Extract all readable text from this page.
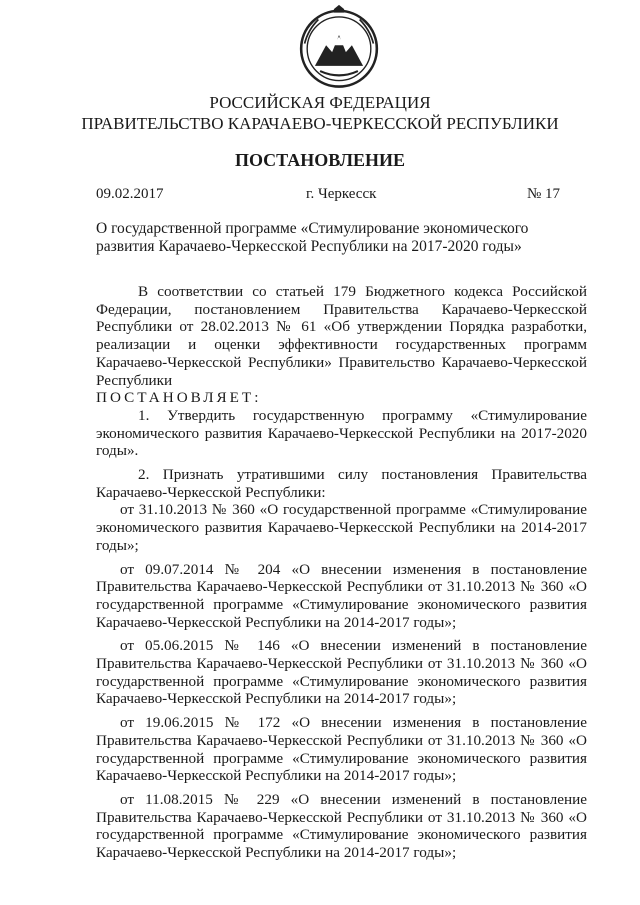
РОССИЙСКАЯ ФЕДЕРАЦИЯ
ПРАВИТЕЛЬСТВО КАРАЧАЕВО-ЧЕРКЕССКОЙ РЕСПУБЛИКИ
ПОСТАНОВЛЕНИЕ
09.02.2017	г. Черкесск	№ 17
О государственной программе «Стимулирование экономического развития Карачаево-Черкесской Республики на 2017-2020 годы»

В соответствии со статьей 179 Бюджетного кодекса Российской Федерации, постановлением Правительства Карачаево-Черкесской Республики от 28.02.2013 № 61 «Об утверждении Порядка разработки, реализации и оценки эффективности государственных программ Карачаево-Черкесской Республики» Правительство Карачаево-Черкесской Республики

ПОСТАНОВЛЯЕТ:

1. Утвердить государственную программу «Стимулирование экономического развития Карачаево-Черкесской Республики на 2017-2020 годы».

2. Признать утратившими силу постановления Правительства Карачаево-Черкесской Республики:

от 31.10.2013 № 360 «О государственной программе «Стимулирование экономического развития Карачаево-Черкесской Республики на 2014-2017 годы»;

от 09.07.2014 № 204 «О внесении изменения в постановление Правительства Карачаево-Черкесской Республики от 31.10.2013 № 360 «О государственной программе «Стимулирование экономического развития Карачаево-Черкесской Республики на 2014-2017 годы»;

от 05.06.2015 № 146 «О внесении изменений в постановление Правительства Карачаево-Черкесской Республики от 31.10.2013 № 360 «О государственной программе «Стимулирование экономического развития Карачаево-Черкесской Республики на 2014-2017 годы»;

от 19.06.2015 № 172 «О внесении изменения в постановление Правительства Карачаево-Черкесской Республики от 31.10.2013 № 360 «О государственной программе «Стимулирование экономического развития Карачаево-Черкесской Республики на 2014-2017 годы»;

от 11.08.2015 № 229 «О внесении изменений в постановление Правительства Карачаево-Черкесской Республики от 31.10.2013 № 360 «О государственной программе «Стимулирование экономического развития Карачаево-Черкесской Республики на 2014-2017 годы»;
